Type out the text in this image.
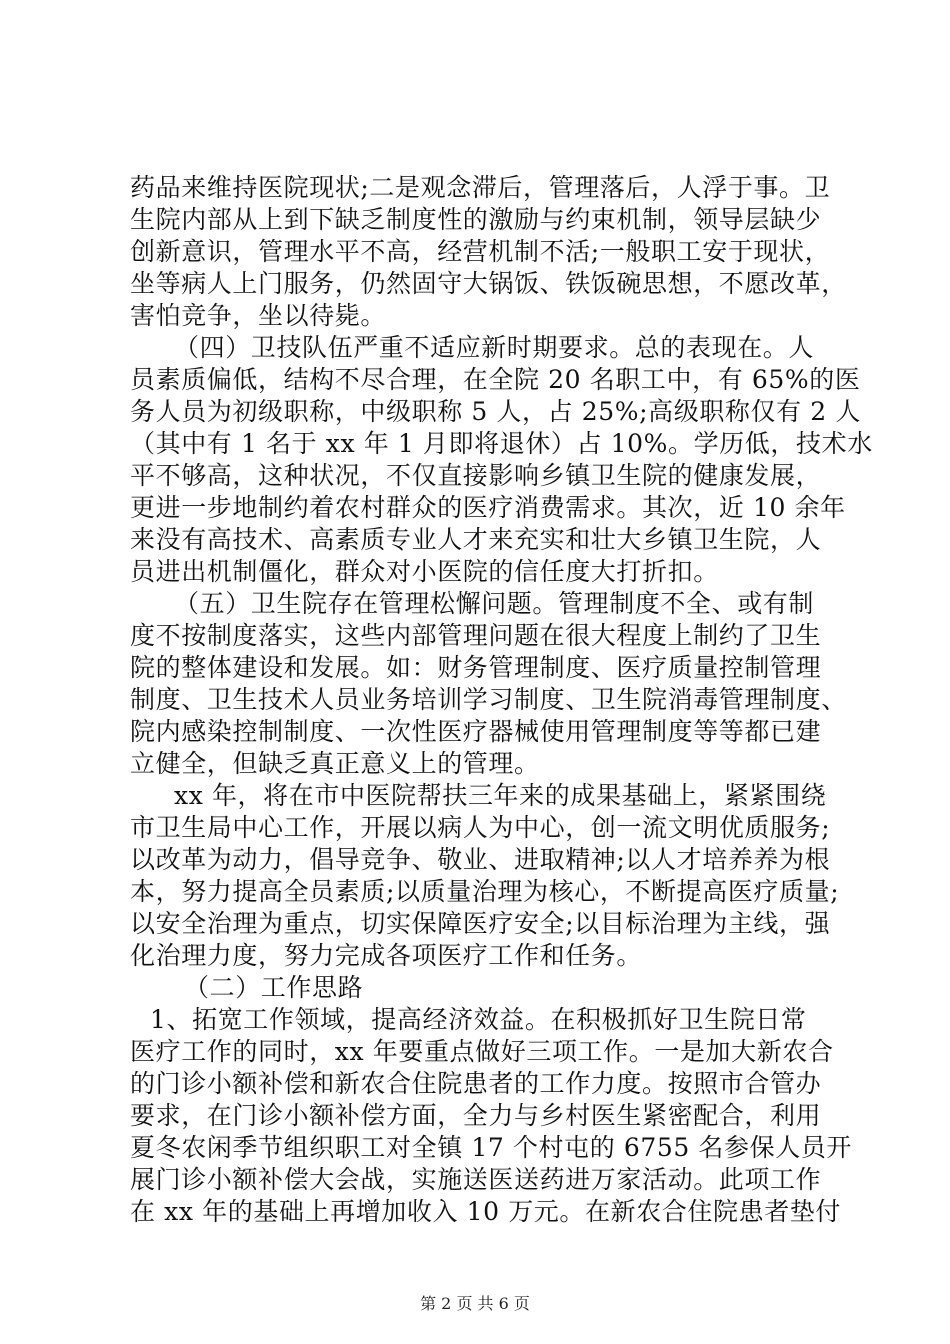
药品来维持医院现状;二是观念滞后，管理落后，人浮于事。卫
生院内部从上到下缺乏制度性的激励与约束机制，领导层缺少
创新意识，管理水平不高，经营机制不活;一般职工安于现状，
坐等病人上门服务，仍然固守大锅饭、铁饭碗思想，不愿改革，
害怕竞争，坐以待毙。
（四）卫技队伍严重不适应新时期要求。总的表现在。人
员素质偏低，结构不尽合理，在全院 20 名职工中，有 65%的医
务人员为初级职称，中级职称 5 人，占 25%;高级职称仅有 2 人
（其中有 1 名于 xx 年 1 月即将退休）占 10%。学历低，技术水
平不够高，这种状况，不仅直接影响乡镇卫生院的健康发展，
更进一步地制约着农村群众的医疗消费需求。其次，近 10 余年
来没有高技术、高素质专业人才来充实和壮大乡镇卫生院，人
员进出机制僵化，群众对小医院的信任度大打折扣。
（五）卫生院存在管理松懈问题。管理制度不全、或有制
度不按制度落实，这些内部管理问题在很大程度上制约了卫生
院的整体建设和发展。如：财务管理制度、医疗质量控制管理
制度、卫生技术人员业务培训学习制度、卫生院消毒管理制度、
院内感染控制制度、一次性医疗器械使用管理制度等等都已建
立健全，但缺乏真正意义上的管理。
xx 年，将在市中医院帮扶三年来的成果基础上，紧紧围绕
市卫生局中心工作，开展以病人为中心，创一流文明优质服务;
以改革为动力，倡导竞争、敬业、进取精神;以人才培养养为根
本，努力提高全员素质;以质量治理为核心，不断提高医疗质量;
以安全治理为重点，切实保障医疗安全;以目标治理为主线，强
化治理力度，努力完成各项医疗工作和任务。
（二）工作思路
1、拓宽工作领域，提高经济效益。在积极抓好卫生院日常
医疗工作的同时，xx 年要重点做好三项工作。一是加大新农合
的门诊小额补偿和新农合住院患者的工作力度。按照市合管办
要求，在门诊小额补偿方面，全力与乡村医生紧密配合，利用
夏冬农闲季节组织职工对全镇 17 个村屯的 6755 名参保人员开
展门诊小额补偿大会战，实施送医送药进万家活动。此项工作
在 xx 年的基础上再增加收入 10 万元。在新农合住院患者垫付
第 2 页 共 6 页
